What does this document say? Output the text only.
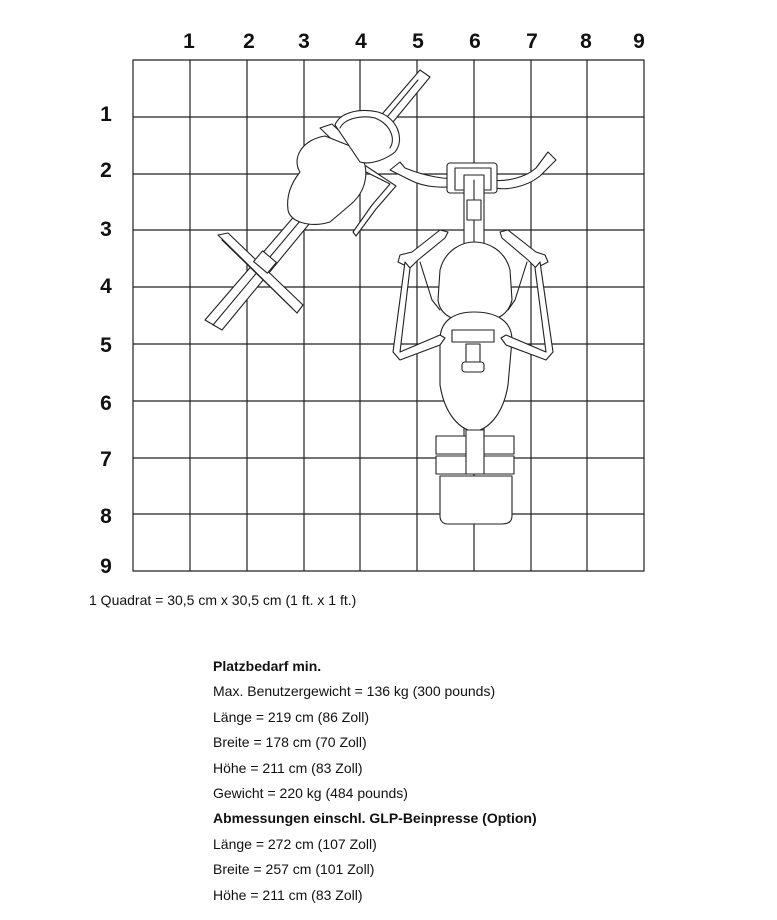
1	2	3	4	5	6	7	8	9
1
2
3
4
5
6
7
8
9
1 Quadrat = 30,5 cm x 30,5 cm (1 ft. x 1 ft.)
Platzbedarf min.
Max. Benutzergewicht = 136 kg (300 pounds)
Länge = 219 cm (86 Zoll)
Breite = 178 cm (70 Zoll)
Höhe = 211 cm (83 Zoll)
Gewicht = 220 kg (484 pounds)
Abmessungen einschl. GLP-Beinpresse (Option)
Länge = 272 cm (107 Zoll)
Breite = 257 cm (101 Zoll)
Höhe = 211 cm (83 Zoll)
